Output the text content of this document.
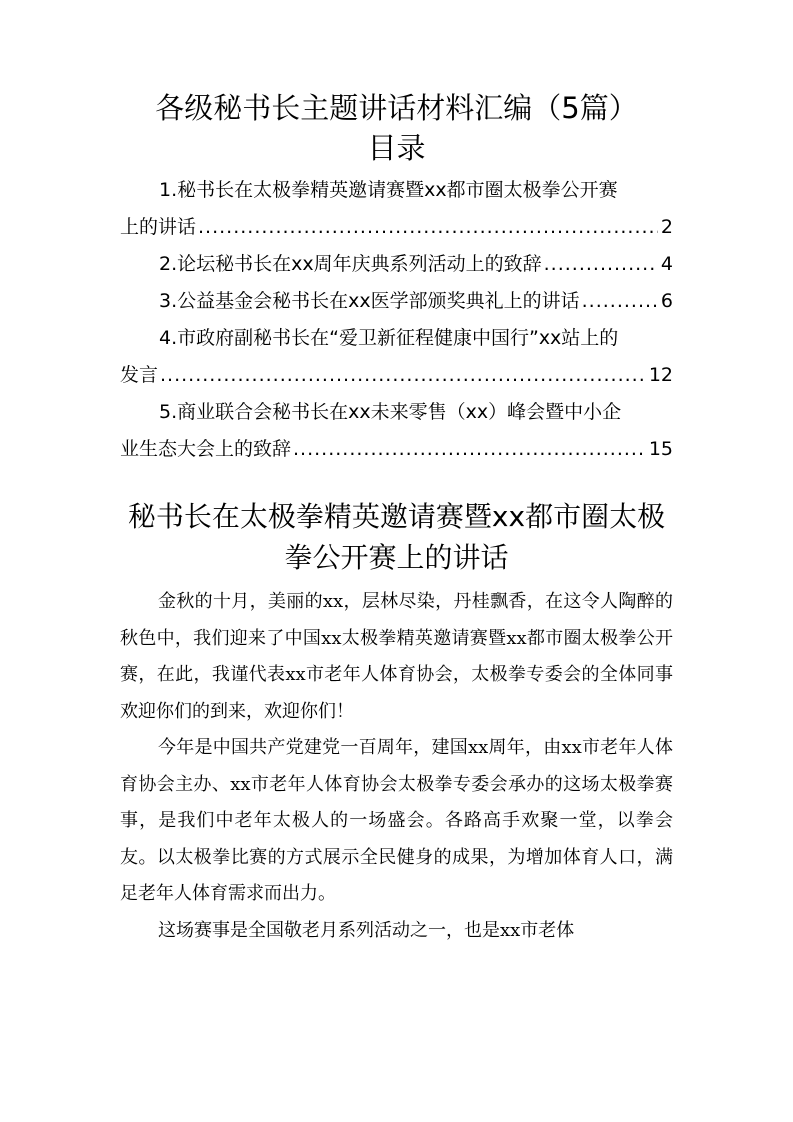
各级秘书长主题讲话材料汇编（5篇）
目录
1.秘书长在太极拳精英邀请赛暨xx都市圈太极拳公开赛
上的讲话 .....	2
2.论坛秘书长在xx周年庆典系列活动上的致辞 .....	4
3.公益基金会秘书长在xx医学部颁奖典礼上的讲话 .....	6
4.市政府副秘书长在“爱卫新征程健康中国行”xx站上的
发言 .....	12
5.商业联合会秘书长在xx未来零售（xx）峰会暨中小企
业生态大会上的致辞 .....	15
秘书长在太极拳精英邀请赛暨xx都市圈太极拳公开赛上的讲话

金秋的十月，美丽的xx，层林尽染，丹桂飘香，在这令人陶醉的秋色中，我们迎来了中国xx太极拳精英邀请赛暨xx都市圈太极拳公开赛，在此，我谨代表xx市老年人体育协会，太极拳专委会的全体同事欢迎你们的到来，欢迎你们！

今年是中国共产党建党一百周年，建国xx周年，由xx市老年人体育协会主办、xx市老年人体育协会太极拳专委会承办的这场太极拳赛事，是我们中老年太极人的一场盛会。各路高手欢聚一堂，以拳会友。以太极拳比赛的方式展示全民健身的成果，为增加体育人口，满足老年人体育需求而出力。

这场赛事是全国敬老月系列活动之一，也是xx市老体
